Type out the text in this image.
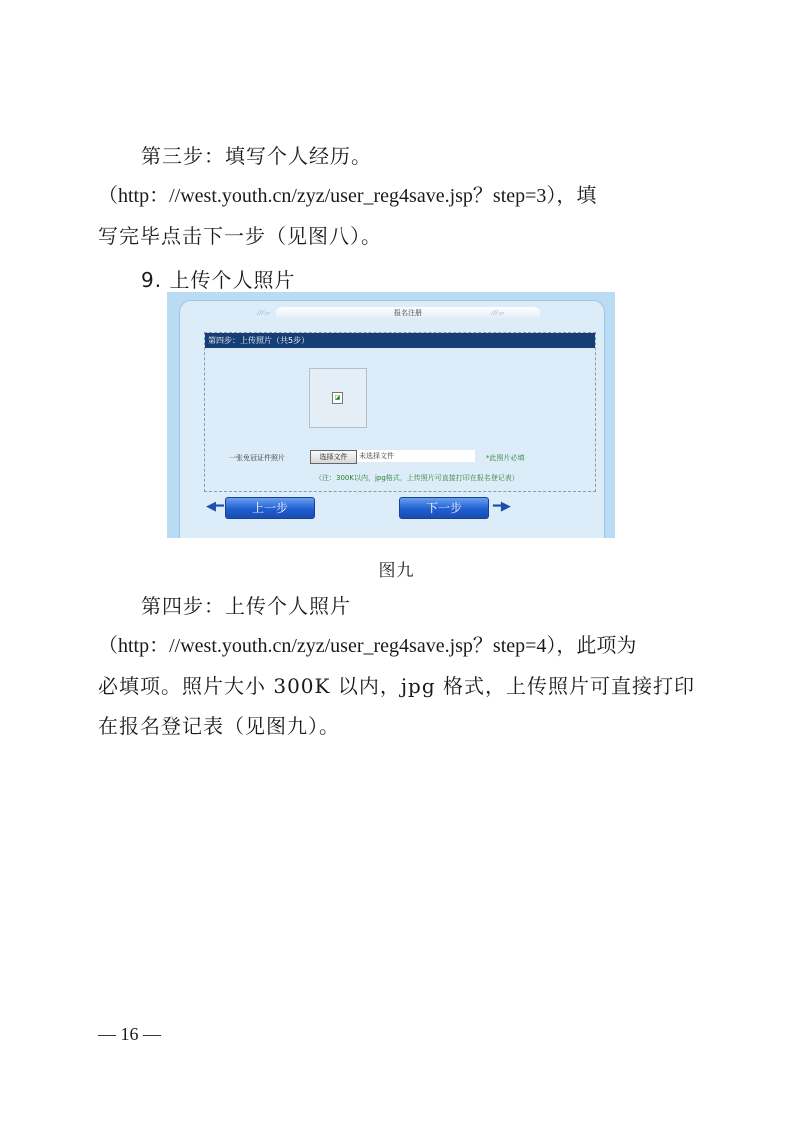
第三步：填写个人经历。

（http：//west.youth.cn/zyz/user_reg4save.jsp？step=3），填

写完毕点击下一步（见图八）。

9. 上传个人照片
⁄⁄⁄▱	报名注册	⁄⁄⁄▱
第四步：上传照片（共5步）
◪
一张免冠证件照片	选择文件	未选择文件	*此照片必填
（注：300K以内，jpg格式，上传照片可直接打印在报名登记表）
◀━	上一步	下一步	━▶
图九

第四步：上传个人照片

（http：//west.youth.cn/zyz/user_reg4save.jsp？step=4），此项为

必填项。照片大小 300K 以内，jpg 格式，上传照片可直接打印

在报名登记表（见图九）。

— 16 —
